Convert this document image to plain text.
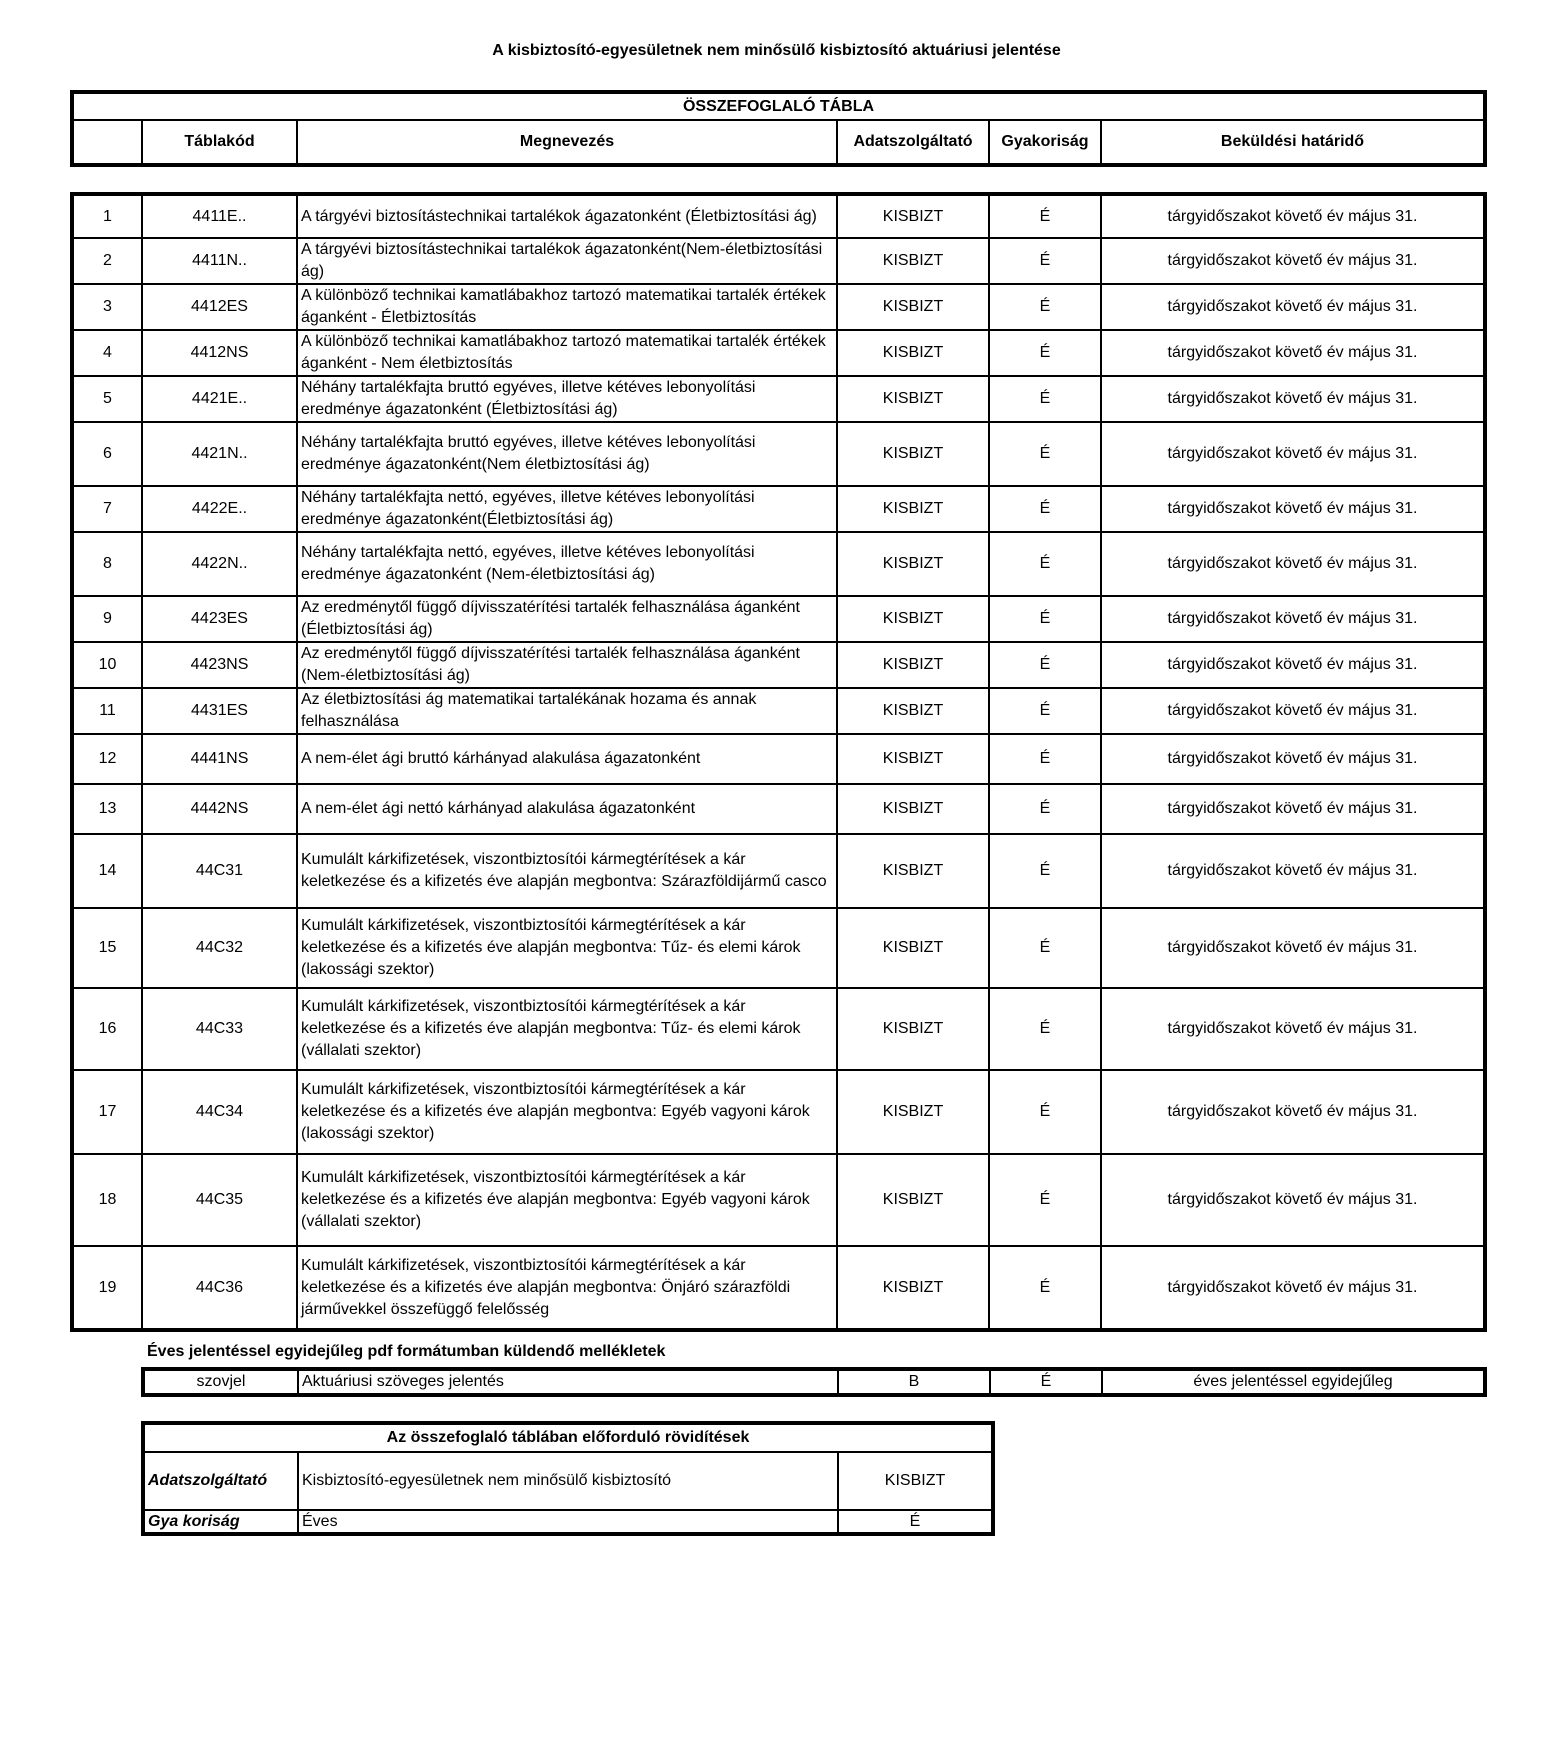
A kisbiztosító-egyesületnek nem minősülő kisbiztosító aktuáriusi jelentése
ÖSSZEFOGLALÓ TÁBLA
	Táblakód	Megnevezés	Adatszolgáltató	Gyakoriság	Beküldési határidő
1	4411E..	A tárgyévi biztosítástechnikai tartalékok ágazatonként (Életbiztosítási ág)	KISBIZT	É	tárgyidőszakot követő év május 31.
2	4411N..	A tárgyévi biztosítástechnikai tartalékok ágazatonként(Nem-életbiztosítási ág)	KISBIZT	É	tárgyidőszakot követő év május 31.
3	4412ES	A különböző technikai kamatlábakhoz tartozó matematikai tartalék értékek áganként - Életbiztosítás	KISBIZT	É	tárgyidőszakot követő év május 31.
4	4412NS	A különböző technikai kamatlábakhoz tartozó matematikai tartalék értékek áganként - Nem életbiztosítás	KISBIZT	É	tárgyidőszakot követő év május 31.
5	4421E..	Néhány tartalékfajta bruttó egyéves, illetve kétéves lebonyolítási eredménye ágazatonként (Életbiztosítási ág)	KISBIZT	É	tárgyidőszakot követő év május 31.
6	4421N..	Néhány tartalékfajta bruttó egyéves, illetve kétéves lebonyolítási eredménye ágazatonként(Nem életbiztosítási ág)	KISBIZT	É	tárgyidőszakot követő év május 31.
7	4422E..	Néhány tartalékfajta nettó, egyéves, illetve kétéves lebonyolítási eredménye ágazatonként(Életbiztosítási ág)	KISBIZT	É	tárgyidőszakot követő év május 31.
8	4422N..	Néhány tartalékfajta nettó, egyéves, illetve kétéves lebonyolítási eredménye ágazatonként (Nem-életbiztosítási ág)	KISBIZT	É	tárgyidőszakot követő év május 31.
9	4423ES	Az eredménytől függő díjvisszatérítési tartalék felhasználása áganként (Életbiztosítási ág)	KISBIZT	É	tárgyidőszakot követő év május 31.
10	4423NS	Az eredménytől függő díjvisszatérítési tartalék felhasználása áganként (Nem-életbiztosítási ág)	KISBIZT	É	tárgyidőszakot követő év május 31.
11	4431ES	Az életbiztosítási ág matematikai tartalékának hozama és annak felhasználása	KISBIZT	É	tárgyidőszakot követő év május 31.
12	4441NS	A nem-élet ági bruttó kárhányad alakulása ágazatonként	KISBIZT	É	tárgyidőszakot követő év május 31.
13	4442NS	A nem-élet ági nettó kárhányad alakulása ágazatonként	KISBIZT	É	tárgyidőszakot követő év május 31.
14	44C31	Kumulált kárkifizetések, viszontbiztosítói kármegtérítések a kár keletkezése és a kifizetés éve alapján megbontva: Szárazföldijármű casco	KISBIZT	É	tárgyidőszakot követő év május 31.
15	44C32	Kumulált kárkifizetések, viszontbiztosítói kármegtérítések a kár keletkezése és a kifizetés éve alapján megbontva: Tűz- és elemi károk (lakossági szektor)	KISBIZT	É	tárgyidőszakot követő év május 31.
16	44C33	Kumulált kárkifizetések, viszontbiztosítói kármegtérítések a kár keletkezése és a kifizetés éve alapján megbontva: Tűz- és elemi károk (vállalati szektor)	KISBIZT	É	tárgyidőszakot követő év május 31.
17	44C34	Kumulált kárkifizetések, viszontbiztosítói kármegtérítések a kár keletkezése és a kifizetés éve alapján megbontva: Egyéb vagyoni károk (lakossági szektor)	KISBIZT	É	tárgyidőszakot követő év május 31.
18	44C35	Kumulált kárkifizetések, viszontbiztosítói kármegtérítések a kár keletkezése és a kifizetés éve alapján megbontva: Egyéb vagyoni károk (vállalati szektor)	KISBIZT	É	tárgyidőszakot követő év május 31.
19	44C36	Kumulált kárkifizetések, viszontbiztosítói kármegtérítések a kár keletkezése és a kifizetés éve alapján megbontva: Önjáró szárazföldi járművekkel összefüggő felelősség	KISBIZT	É	tárgyidőszakot követő év május 31.
Éves jelentéssel egyidejűleg pdf formátumban küldendő mellékletek
szovjel	Aktuáriusi szöveges jelentés	B	É	éves jelentéssel egyidejűleg
Az összefoglaló táblában előforduló rövidítések		
Adatszolgáltató	Kisbiztosító-egyesületnek nem minősülő kisbiztosító	KISBIZT
Gya koriság	Éves	É
